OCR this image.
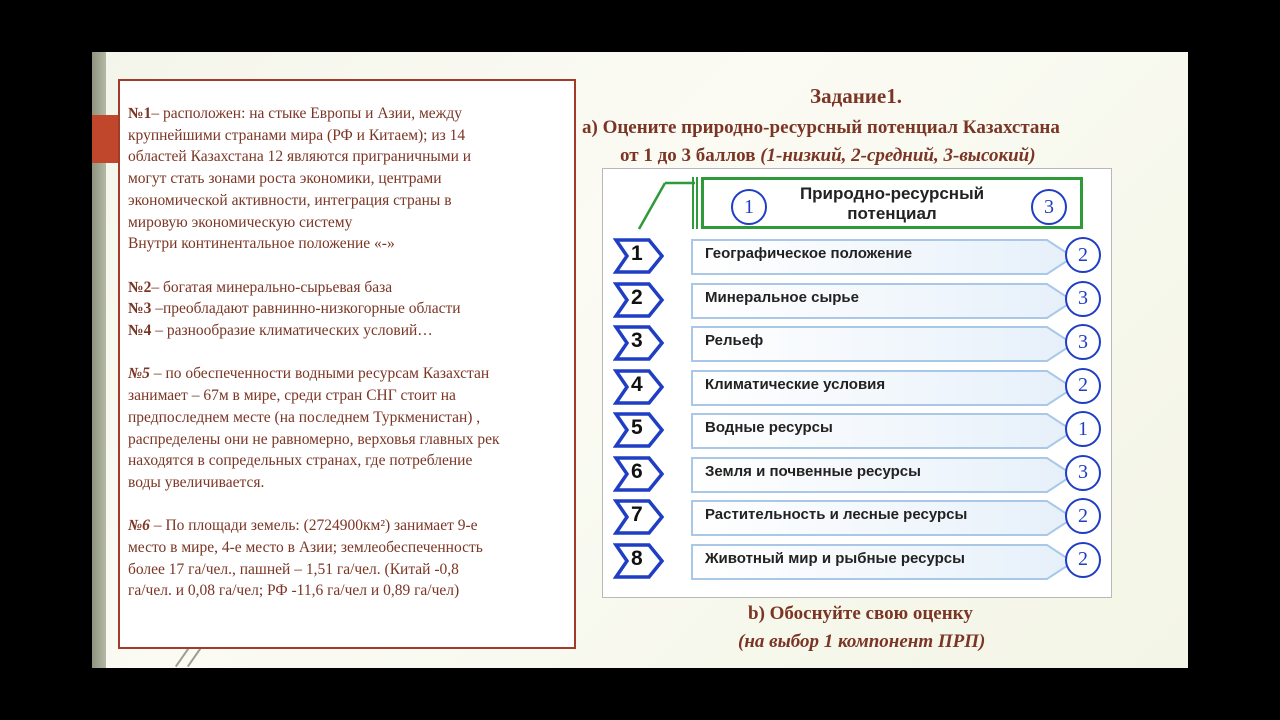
№1– расположен: на стыке Европы и Азии, между
крупнейшими странами мира (РФ и Китаем); из 14
областей Казахстана 12 являются приграничными и
могут стать зонами роста экономики, центрами
экономической активности, интеграция страны в
мировую экономическую систему
Внутри континентальное положение «-»

№2– богатая минерально-сырьевая база
№3 –преобладают равнинно-низкогорные области
№4 – разнообразие климатических условий…

№5 – по обеспеченности водными ресурсам Казахстан
занимает – 67м в мире, среди стран СНГ стоит на
предпоследнем месте (на последнем Туркменистан) ,
распределены они не равномерно, верховья главных рек
находятся в сопредельных странах, где потребление
воды увеличивается.

№6 – По площади земель: (2724900км²) занимает 9-е
место в мире, 4-е место в Азии; землеобеспеченность
более 17 га/чел., пашней – 1,51 га/чел. (Китай -0,8
га/чел. и 0,08 га/чел; РФ -11,6 га/чел и 0,89 га/чел)

Задание1.
а) Оцените природно-ресурсный потенциал Казахстана
от 1 до 3 баллов (1-низкий, 2-средний, 3-высокий)
Природно-ресурсный
потенциал
1	3
1	Географическое положение	2
2	Минеральное сырье	3
3	Рельеф	3
4	Климатические условия	2
5	Водные ресурсы	1
6	Земля и почвенные ресурсы	3
7	Растительность и лесные ресурсы	2
8	Животный мир и рыбные ресурсы	2
b) Обоснуйте свою оценку
(на выбор 1 компонент ПРП)
